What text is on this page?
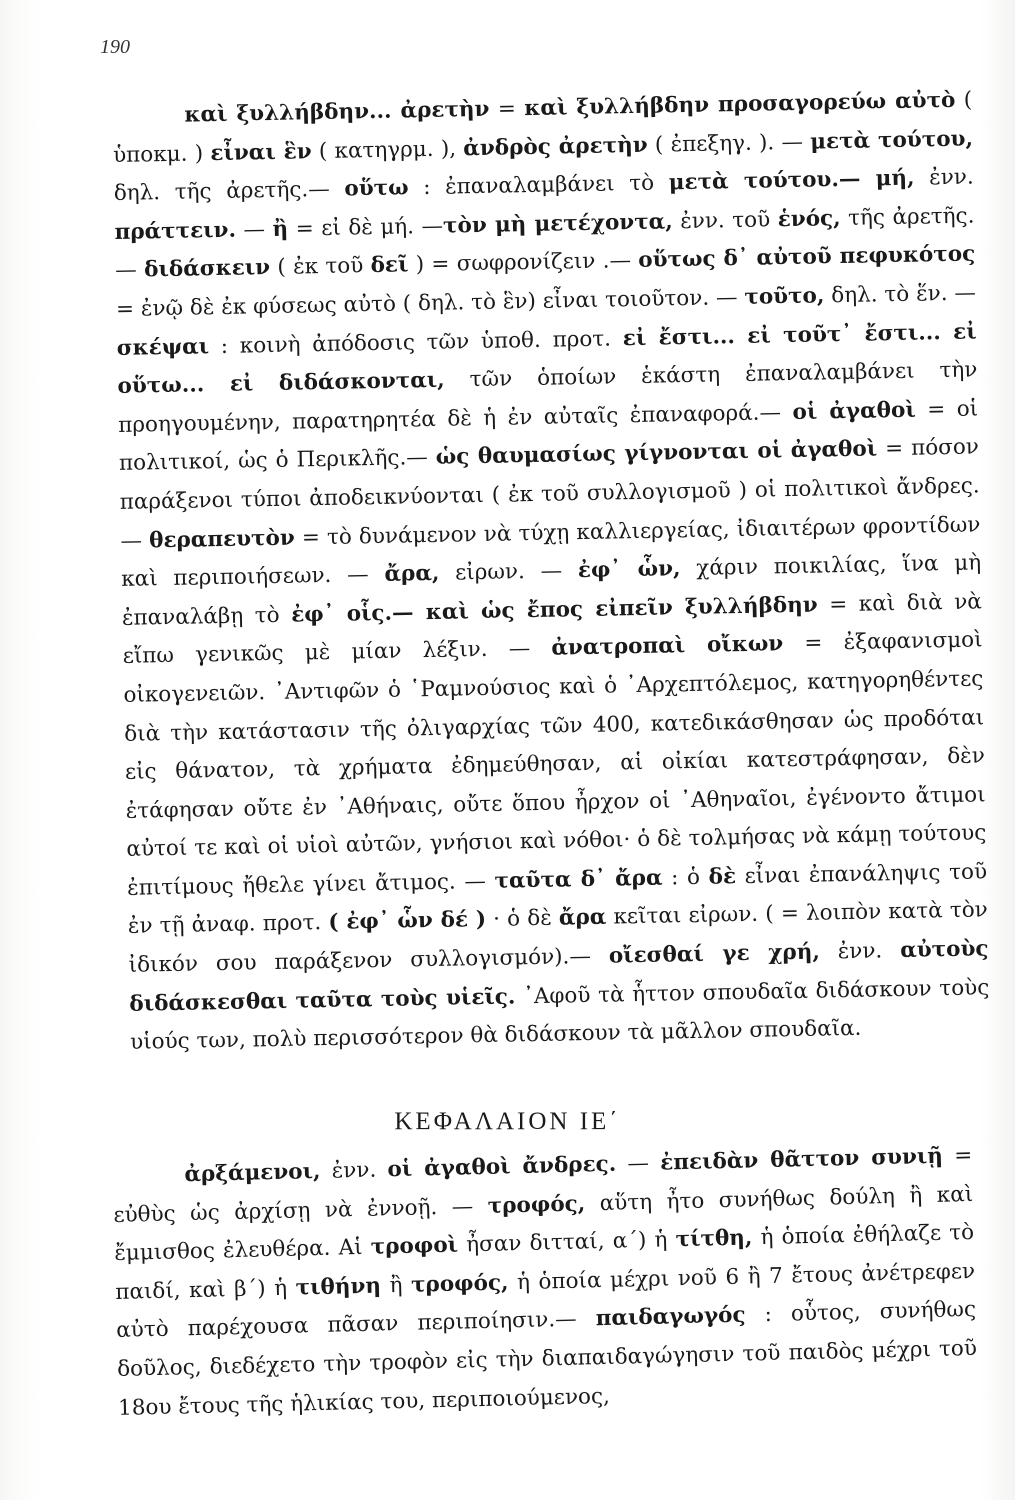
190
καὶ ξυλλήβδην... ἀρετὴν = καὶ ξυλλήβδην προσαγορεύω αὐτὸ ( ὑποκμ. ) εἶναι ἓν ( κατηγρμ. ), ἀνδρὸς ἀρετὴν ( ἐπεξηγ. ). — μετὰ τούτου, δηλ. τῆς ἀρετῆς.— οὕτω : ἐπαναλαμβάνει τὸ μετὰ τούτου.— μή, ἐνν. πράττειν. — ἢ = εἰ δὲ μή. —τὸν μὴ μετέχοντα, ἐνν. τοῦ ἑνός, τῆς ἀρετῆς. — διδάσκειν ( ἐκ τοῦ δεῖ ) = σωφρονίζειν .— οὕτως δ᾽ αὐτοῦ πεφυκότος = ἐνῷ δὲ ἐκ φύσεως αὐτὸ ( δηλ. τὸ ἓν) εἶναι τοιοῦτον. — τοῦτο, δηλ. τὸ ἕν. —σκέψαι : κοινὴ ἀπόδοσις τῶν ὑποθ. προτ. εἰ ἔστι... εἰ τοῦτ᾽ ἔστι... εἰ οὕτω... εἰ διδάσκονται, τῶν ὁποίων ἑκάστη ἐπαναλαμβάνει τὴν προηγουμένην, παρατηρητέα δὲ ἡ ἐν αὐταῖς ἐπαναφορά.— οἱ ἀγαθοὶ = οἱ πολιτικοί, ὡς ὁ Περικλῆς.— ὡς θαυμασίως γίγνονται οἱ ἀγαθοὶ = πόσον παράξενοι τύποι ἀποδεικνύονται ( ἐκ τοῦ συλλογισμοῦ ) οἱ πολιτικοὶ ἄνδρες. — θεραπευτὸν = τὸ δυνάμενον νὰ τύχῃ καλλιεργείας, ἰδιαιτέρων φροντίδων καὶ περιποιήσεων. — ἄρα, εἰρων. — ἐφ᾽ ὧν, χάριν ποικιλίας, ἵνα μὴ ἐπαναλάβῃ τὸ ἐφ᾽ οἷς.— καὶ ὡς ἔπος εἰπεῖν ξυλλήβδην = καὶ διὰ νὰ εἴπω γενικῶς μὲ μίαν λέξιν. — ἀνατροπαὶ οἴκων = ἐξαφανισμοὶ οἰκογενειῶν. ᾿Αντιφῶν ὁ ῾Ραμνούσιος καὶ ὁ ᾿Αρχεπτόλεμος, κατηγορηθέντες διὰ τὴν κατάστασιν τῆς ὀλιγαρχίας τῶν 400, κατεδικάσθησαν ὡς προδόται εἰς θάνατον, τὰ χρήματα ἐδημεύθησαν, αἱ οἰκίαι κατεστράφησαν, δὲν ἐτάφησαν οὔτε ἐν ᾿Αθήναις, οὔτε ὅπου ἦρχον οἱ ᾿Αθηναῖοι, ἐγένοντο ἄτιμοι αὐτοί τε καὶ οἱ υἱοὶ αὐτῶν, γνήσιοι καὶ νόθοι· ὁ δὲ τολμήσας νὰ κάμῃ τούτους ἐπιτίμους ἤθελε γίνει ἄτιμος. — ταῦτα δ᾽ ἄρα : ὁ δὲ εἶναι ἐπανάληψις τοῦ ἐν τῇ ἀναφ. προτ. ( ἐφ᾽ ὧν δέ ) · ὁ δὲ ἄρα κεῖται εἰρων. ( = λοιπὸν κατὰ τὸν ἰδικόν σου παράξενον συλλογισμόν).— οἴεσθαί γε χρή, ἐνν. αὐτοὺς διδάσκεσθαι ταῦτα τοὺς υἱεῖς. ᾿Αφοῦ τὰ ἧττον σπουδαῖα διδάσκουν τοὺς υἱούς των, πολὺ περισσότερον θὰ διδάσκουν τὰ μᾶλλον σπουδαῖα.
ΚΕΦΑΛΑΙΟΝ ΙΕ΄
ἀρξάμενοι, ἐνν. οἱ ἀγαθοὶ ἄνδρες. — ἐπειδὰν θᾶττον συνιῇ = εὐθὺς ὡς ἀρχίσῃ νὰ ἐννοῇ. — τροφός, αὕτη ἦτο συνήθως δούλη ἢ καὶ ἔμμισθος ἐλευθέρα. Αἱ τροφοὶ ἦσαν διτταί, α΄) ἡ τίτθη, ἡ ὁποία ἐθήλαζε τὸ παιδί, καὶ β΄) ἡ τιθήνη ἢ τροφός, ἡ ὁποία μέχρι νοῦ 6 ἢ 7 ἔτους ἀνέτρεφεν αὐτὸ παρέχουσα πᾶσαν περιποίησιν.— παιδαγωγός : οὗτος, συνήθως δοῦλος, διεδέχετο τὴν τροφὸν εἰς τὴν διαπαιδαγώγησιν τοῦ παιδὸς μέχρι τοῦ 18ου ἔτους τῆς ἡλικίας του, περιποιούμενος,
